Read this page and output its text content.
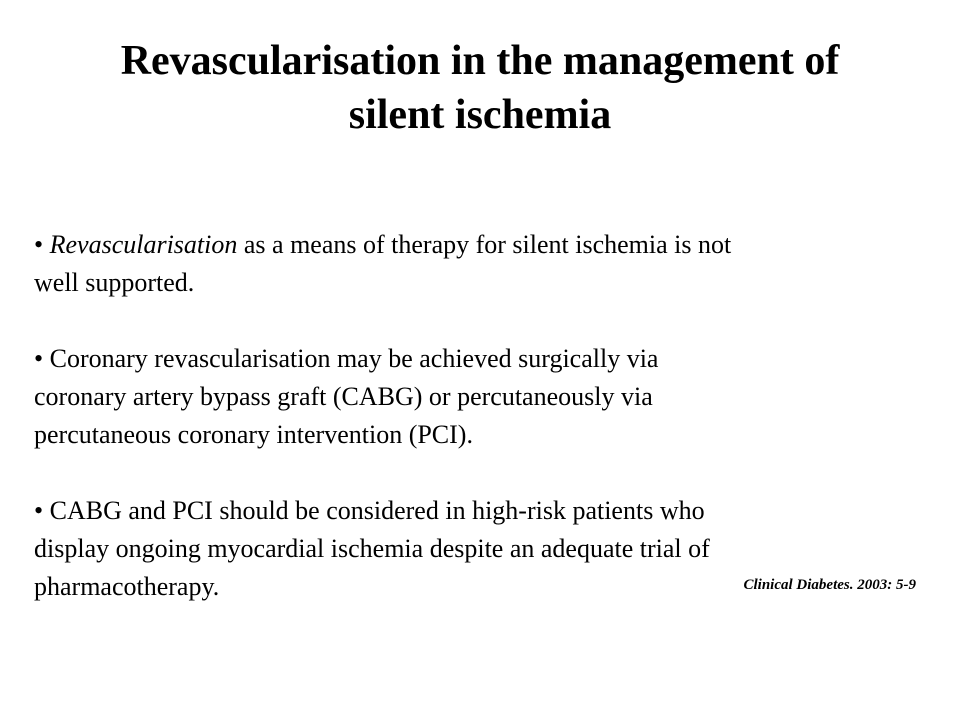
Revascularisation in the management of
silent ischemia

• Revascularisation as a means of therapy for silent ischemia is not
well supported.

• Coronary revascularisation may be achieved surgically via
coronary artery bypass graft (CABG) or percutaneously via
percutaneous coronary intervention (PCI).

• CABG and PCI should be considered in high-risk patients who
display ongoing myocardial ischemia despite an adequate trial of
pharmacotherapy.	Clinical Diabetes. 2003: 5-9
